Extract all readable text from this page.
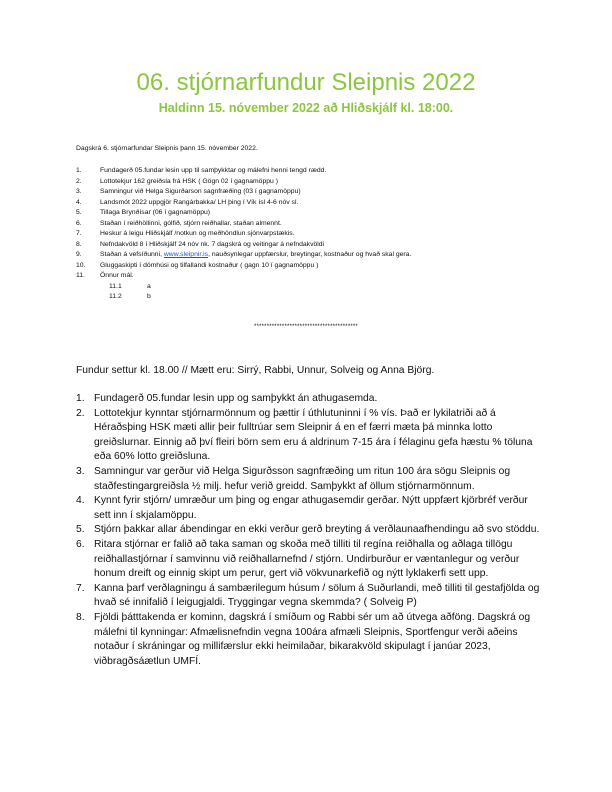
06. stjórnarfundur Sleipnis 2022
Haldinn 15. nóvember 2022 að Hliðskjálf kl. 18:00.
Dagskrá 6. stjórnarfundar Sleipnis þann 15. nóvember 2022.
1.	Fundagerð 05.fundar lesin upp til samþykktar og málefni henni tengd rædd.
2.	Lottotekjur 162 greiðsla frá HSK ( Gögn 02 í gagnamöppu )
3.	Samningur við Helga Sigurðarson sagnfræðing (03 í gagnamöppu)
4.	Landsmót 2022 uppgjör Rangárbakka/ LH þing í Vík ísl 4-6 nóv sl.
5.	Tillaga Brynðísar (06 í gagnamöppu)
6.	Staðan í reiðhöllinni, gólfið, stjórn reiðhallar, staðan almennt.
7.	Heskur á leigu Hliðskjálf /notkun og meðhöndlun sjónvarpstækis.
8.	Nefndakvöld 8 í Hliðskjálf 24 nóv nk. 7 dagskrá og veitingar á nefndakvöldi
9.	Staðan á vefsíðunni, www.sleipnir.is, nauðsynlegar uppfærslur, breytingar, kostnaður og hvað skal gera.
10. Gluggaskipti í dómhúsi og tilfallandi kostnaður ( gagn 10 í gagnamöppu )
11. Önnur mál.
11.1	a
11.2	b
*****************************************
Fundur settur kl. 18.00 // Mætt eru: Sirrý, Rabbi, Unnur, Solveig og Anna Björg.
1. Fundagerð 05.fundar lesin upp og samþykkt án athugasemda.
2. Lottotekjur kynntar stjórnarmönnum og þættir í úthlutuninni í % vís. Það er lykilatriði að á Héraðsþing HSK mæti allir þeir fulltrúar sem Sleipnir á en ef færri mæta þá minnka lotto greiðslurnar. Einnig að því fleiri börn sem eru á aldrinum 7-15 ára í félaginu gefa hæstu % töluna eða 60% lotto greiðsluna.
3. Samningur var gerður við Helga Sigurðsson sagnfræðing um ritun 100 ára sögu Sleipnis og staðfestingargreiðsla ½ milj. hefur verið greidd. Samþykkt af öllum stjórnarmönnum.
4. Kynnt fyrir stjórn/ umræður um þing og engar athugasemdir gerðar. Nýtt uppfært kjörbréf verður sett inn í skjalamöppu.
5. Stjórn þakkar allar ábendingar en ekki verður gerð breyting á verðlaunaafhendingu að svo stöddu.
6. Ritara stjórnar er falið að taka saman og skoða með tilliti til regína reiðhalla og aðlaga tillögu reiðhallastjórnar í samvinnu við reiðhallarnefnd / stjórn. Undirburður er væntanlegur og verður honum dreift og einnig skipt um perur, gert við vökvunarkefið og nýtt lyklakerfi sett upp.
7. Kanna þarf verðlagningu á sambærilegum húsum / sölum á Suðurlandi, með tilliti til gestafjölda og hvað sé innifalið í leigugjaldi. Tryggingar vegna skemmda? ( Solveig P)
8. Fjöldi þátttakenda er kominn, dagskrá í smíðum og Rabbi sér um að útvega aðföng. Dagskrá og málefni til kynningar: Afmælisnefndin vegna 100ára afmæli Sleipnis, Sportfengur verði aðeins notaður í skráningar og millifærslur ekki heimilaðar, bikarakvöld skipulagt í janúar 2023, viðbragðsáætlun UMFÍ.
